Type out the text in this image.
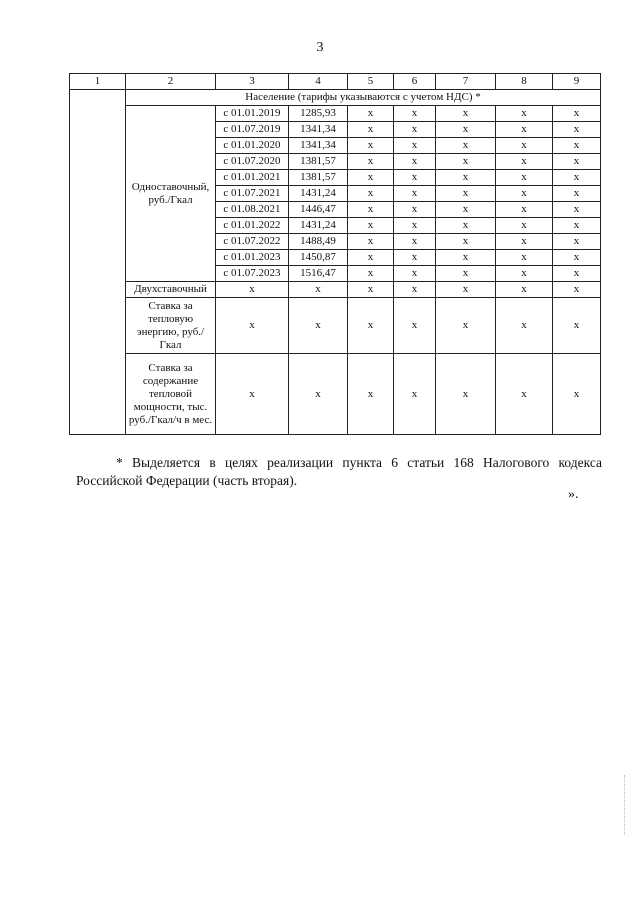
3
1	2	3	4	5	6	7	8	9
	Население (тарифы указываются с учетом НДС) *							
	Одноставочный, руб./Гкал	с 01.01.2019	1285,93	х	х	х	х	х
		с 01.07.2019	1341,34	х	х	х	х	х
		с 01.01.2020	1341,34	х	х	х	х	х
		с 01.07.2020	1381,57	х	х	х	х	х
		с 01.01.2021	1381,57	х	х	х	х	х
		с 01.07.2021	1431,24	х	х	х	х	х
		с 01.08.2021	1446,47	х	х	х	х	х
		с 01.01.2022	1431,24	х	х	х	х	х
		с 01.07.2022	1488,49	х	х	х	х	х
		с 01.01.2023	1450,87	х	х	х	х	х
		с 01.07.2023	1516,47	х	х	х	х	х
	Двухставочный	х	х	х	х	х	х	х
	Ставка за тепловую энергию, руб./Гкал	х	х	х	х	х	х	х
	Ставка за содержание тепловой мощности, тыс. руб./Гкал/ч в мес.	х	х	х	х	х	х	х
* Выделяется в целях реализации пункта 6 статьи 168 Налогового кодекса Российской Федерации (часть вторая).
».
